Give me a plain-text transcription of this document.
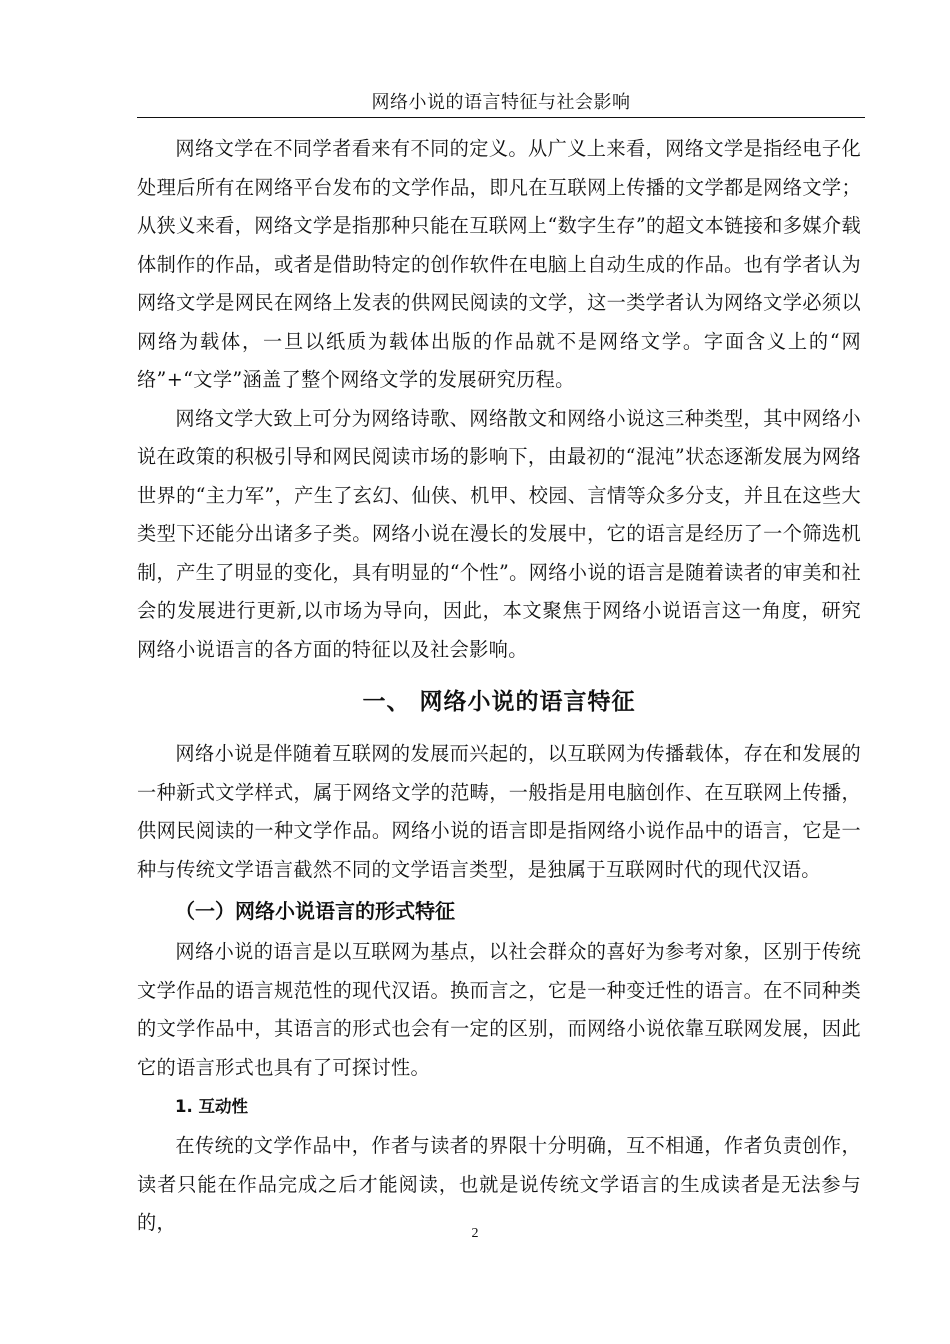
网络小说的语言特征与社会影响

网络文学在不同学者看来有不同的定义。从广义上来看，网络文学是指经电子化处理后所有在网络平台发布的文学作品，即凡在互联网上传播的文学都是网络文学；从狭义来看，网络文学是指那种只能在互联网上“数字生存”的超文本链接和多媒介载体制作的作品，或者是借助特定的创作软件在电脑上自动生成的作品。也有学者认为网络文学是网民在网络上发表的供网民阅读的文学，这一类学者认为网络文学必须以网络为载体，一旦以纸质为载体出版的作品就不是网络文学。字面含义上的“网络”+“文学”涵盖了整个网络文学的发展研究历程。

网络文学大致上可分为网络诗歌、网络散文和网络小说这三种类型，其中网络小说在政策的积极引导和网民阅读市场的影响下，由最初的“混沌”状态逐渐发展为网络世界的“主力军”，产生了玄幻、仙侠、机甲、校园、言情等众多分支，并且在这些大类型下还能分出诸多子类。网络小说在漫长的发展中，它的语言是经历了一个筛选机制，产生了明显的变化，具有明显的“个性”。网络小说的语言是随着读者的审美和社会的发展进行更新,以市场为导向，因此，本文聚焦于网络小说语言这一角度，研究网络小说语言的各方面的特征以及社会影响。

一、 网络小说的语言特征

网络小说是伴随着互联网的发展而兴起的，以互联网为传播载体，存在和发展的一种新式文学样式，属于网络文学的范畴，一般指是用电脑创作、在互联网上传播，供网民阅读的一种文学作品。网络小说的语言即是指网络小说作品中的语言，它是一种与传统文学语言截然不同的文学语言类型，是独属于互联网时代的现代汉语。

（一）网络小说语言的形式特征

网络小说的语言是以互联网为基点，以社会群众的喜好为参考对象，区别于传统文学作品的语言规范性的现代汉语。换而言之，它是一种变迁性的语言。在不同种类的文学作品中，其语言的形式也会有一定的区别，而网络小说依靠互联网发展，因此它的语言形式也具有了可探讨性。

1. 互动性

在传统的文学作品中，作者与读者的界限十分明确，互不相通，作者负责创作，读者只能在作品完成之后才能阅读，也就是说传统文学语言的生成读者是无法参与的，	2
